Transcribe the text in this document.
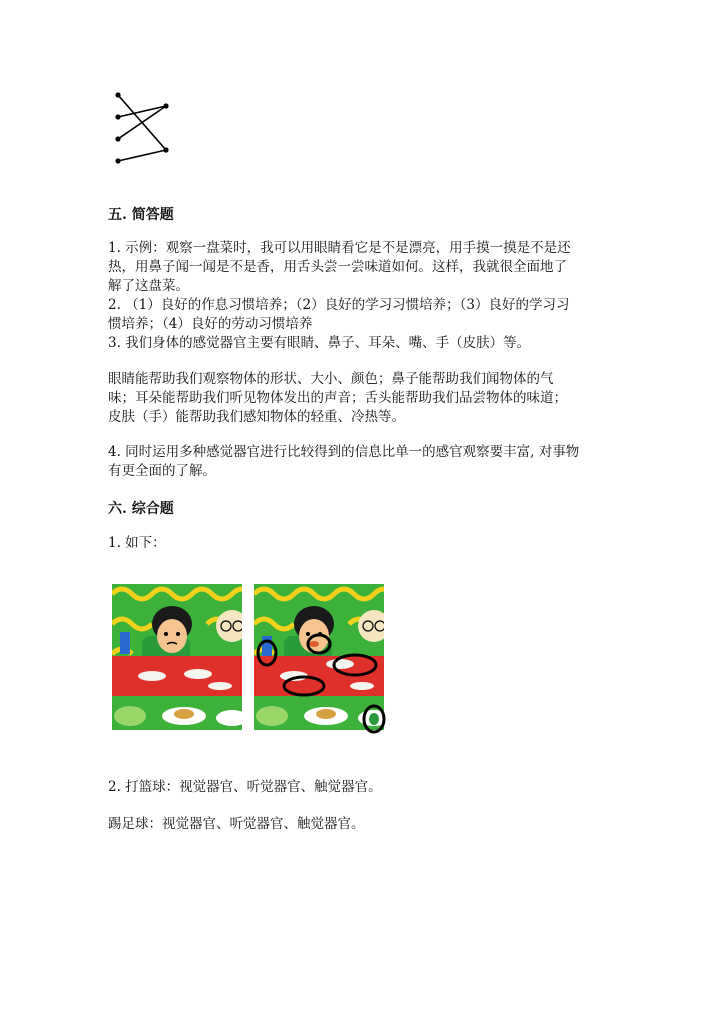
五. 简答题
1. 示例：观察一盘菜时，我可以用眼睛看它是不是漂亮，用手摸一摸是不是还
热，用鼻子闻一闻是不是香，用舌头尝一尝味道如何。这样，我就很全面地了
解了这盘菜。
2. （1）良好的作息习惯培养；（2）良好的学习习惯培养；（3）良好的学习习
惯培养；（4）良好的劳动习惯培养
3. 我们身体的感觉器官主要有眼睛、鼻子、耳朵、嘴、手（皮肤）等。
眼睛能帮助我们观察物体的形状、大小、颜色；鼻子能帮助我们闻物体的气
味；耳朵能帮助我们听见物体发出的声音；舌头能帮助我们品尝物体的味道；
皮肤（手）能帮助我们感知物体的轻重、冷热等。
4. 同时运用多种感觉器官进行比较得到的信息比单一的感官观察要丰富, 对事物
有更全面的了解。
六. 综合题
1. 如下：
2. 打篮球：视觉器官、听觉器官、触觉器官。
踢足球：视觉器官、听觉器官、触觉器官。
